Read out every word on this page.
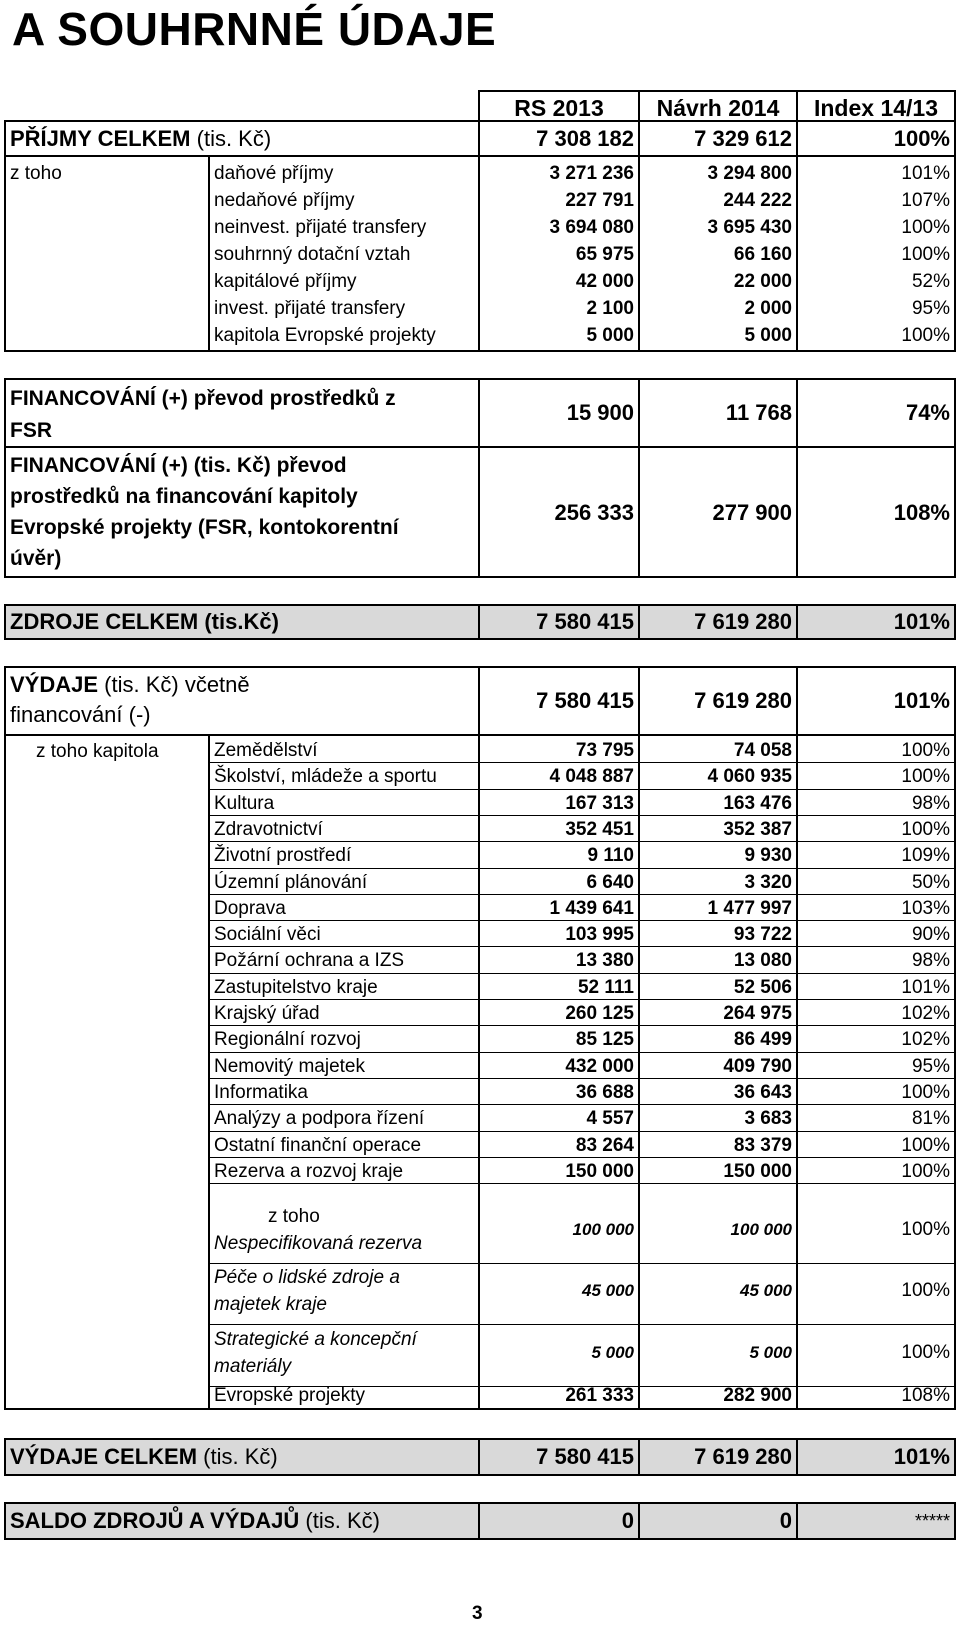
A SOUHRNNÉ ÚDAJE
RS 2013	Návrh 2014	Index 14/13
PŘÍJMY CELKEM (tis. Kč)	7 308 182	7 329 612	100%
z toho	daňové příjmy	3 271 236	3 294 800	101%
nedaňové příjmy	227 791	244 222	107%
neinvest. přijaté transfery	3 694 080	3 695 430	100%
souhrnný dotační vztah	65 975	66 160	100%
kapitálové příjmy	42 000	22 000	52%
invest. přijaté transfery	2 100	2 000	95%
kapitola Evropské projekty	5 000	5 000	100%
FINANCOVÁNÍ (+) převod prostředků z
FSR
15 900	11 768	74%
FINANCOVÁNÍ (+) (tis. Kč) převod
prostředků na financování kapitoly
Evropské projekty (FSR, kontokorentní
úvěr)
256 333	277 900	108%
ZDROJE CELKEM (tis.Kč)	7 580 415	7 619 280	101%
VÝDAJE (tis. Kč) včetně
financování (-)
7 580 415	7 619 280	101%
z toho kapitola	Zemědělství	73 795	74 058	100%
Školství, mládeže a sportu	4 048 887	4 060 935	100%
Kultura	167 313	163 476	98%
Zdravotnictví	352 451	352 387	100%
Životní prostředí	9 110	9 930	109%
Územní plánování	6 640	3 320	50%
Doprava	1 439 641	1 477 997	103%
Sociální věci	103 995	93 722	90%
Požární ochrana a IZS	13 380	13 080	98%
Zastupitelstvo kraje	52 111	52 506	101%
Krajský úřad	260 125	264 975	102%
Regionální rozvoj	85 125	86 499	102%
Nemovitý majetek	432 000	409 790	95%
Informatika	36 688	36 643	100%
Analýzy a podpora řízení	4 557	3 683	81%
Ostatní finanční operace	83 264	83 379	100%
Rezerva a rozvoj kraje	150 000	150 000	100%
z toho
Nespecifikovaná rezerva
100 000	100 000	100%
Péče o lidské zdroje a
majetek kraje
45 000	45 000	100%
Strategické a koncepční
materiály
5 000	5 000	100%
Evropské projekty	261 333	282 900	108%
VÝDAJE CELKEM (tis. Kč)	7 580 415	7 619 280	101%
SALDO ZDROJŮ A VÝDAJŮ (tis. Kč)	0	0	*****
3
